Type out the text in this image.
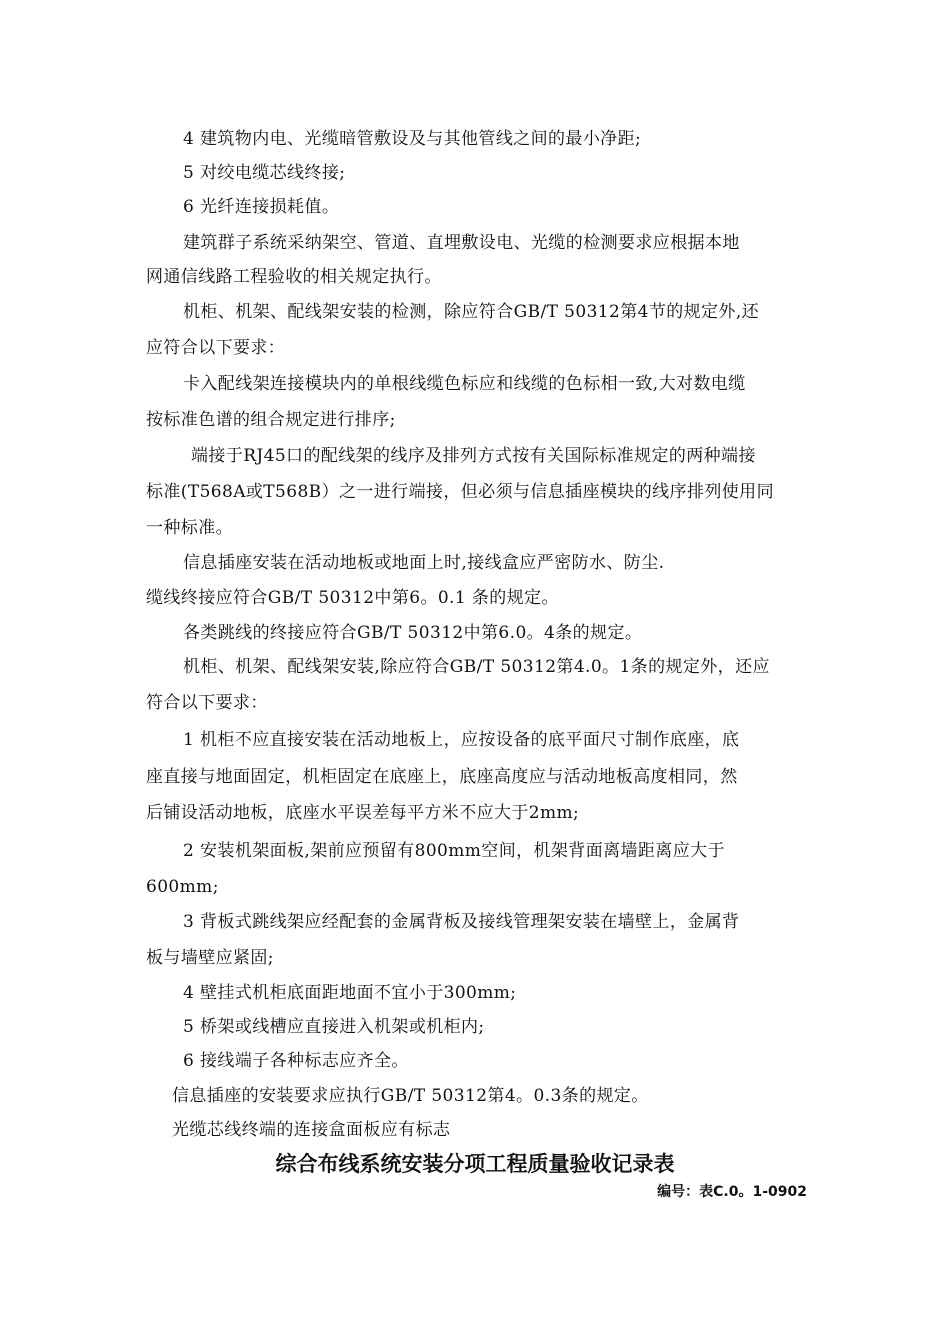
4 建筑物内电、光缆暗管敷设及与其他管线之间的最小净距;
5 对绞电缆芯线终接;
6 光纤连接损耗值。
建筑群子系统采纳架空、管道、直埋敷设电、光缆的检测要求应根据本地
网通信线路工程验收的相关规定执行。
机柜、机架、配线架安装的检测，除应符合GB/T 50312第4节的规定外,还
应符合以下要求：
卡入配线架连接模块内的单根线缆色标应和线缆的色标相一致,大对数电缆
按标准色谱的组合规定进行排序;
端接于RJ45口的配线架的线序及排列方式按有关国际标准规定的两种端接
标准(T568A或T568B）之一进行端接，但必须与信息插座模块的线序排列使用同
一种标准。
信息插座安装在活动地板或地面上时,接线盒应严密防水、防尘.
缆线终接应符合GB/T 50312中第6。0.1 条的规定。
各类跳线的终接应符合GB/T 50312中第6.0。4条的规定。
机柜、机架、配线架安装,除应符合GB/T 50312第4.0。1条的规定外，还应
符合以下要求：
1 机柜不应直接安装在活动地板上，应按设备的底平面尺寸制作底座，底
座直接与地面固定，机柜固定在底座上，底座高度应与活动地板高度相同，然
后铺设活动地板，底座水平误差每平方米不应大于2mm;
2 安装机架面板,架前应预留有800mm空间，机架背面离墙距离应大于
600mm;
3 背板式跳线架应经配套的金属背板及接线管理架安装在墙壁上，金属背
板与墙壁应紧固;
4 壁挂式机柜底面距地面不宜小于300mm;
5 桥架或线槽应直接进入机架或机柜内;
6 接线端子各种标志应齐全。
信息插座的安装要求应执行GB/T 50312第4。0.3条的规定。
光缆芯线终端的连接盒面板应有标志
综合布线系统安装分项工程质量验收记录表
编号：表C.0。1-0902
